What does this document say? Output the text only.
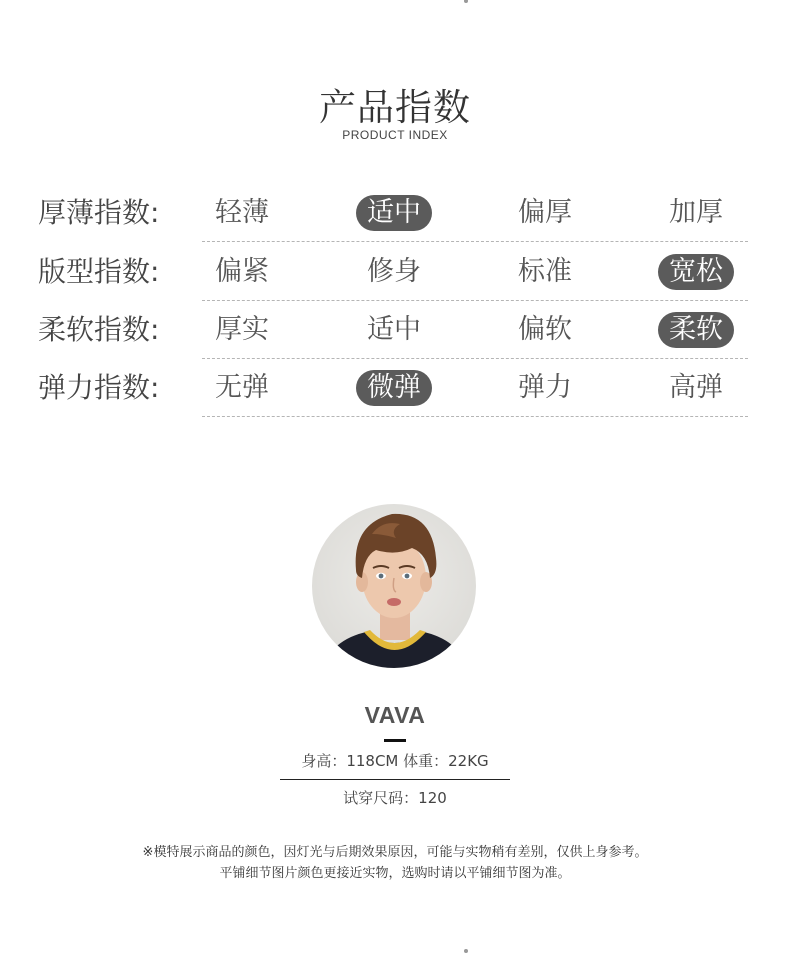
产品指数
PRODUCT INDEX
厚薄指数:	轻薄	适中	偏厚	加厚
版型指数:	偏紧	修身	标准	宽松
柔软指数:	厚实	适中	偏软	柔软
弹力指数:	无弹	微弹	弹力	高弹
VAVA
身高：118CM 体重：22KG
试穿尺码：120
※模特展示商品的颜色，因灯光与后期效果原因，可能与实物稍有差别，仅供上身参考。
平铺细节图片颜色更接近实物，选购时请以平铺细节图为准。
